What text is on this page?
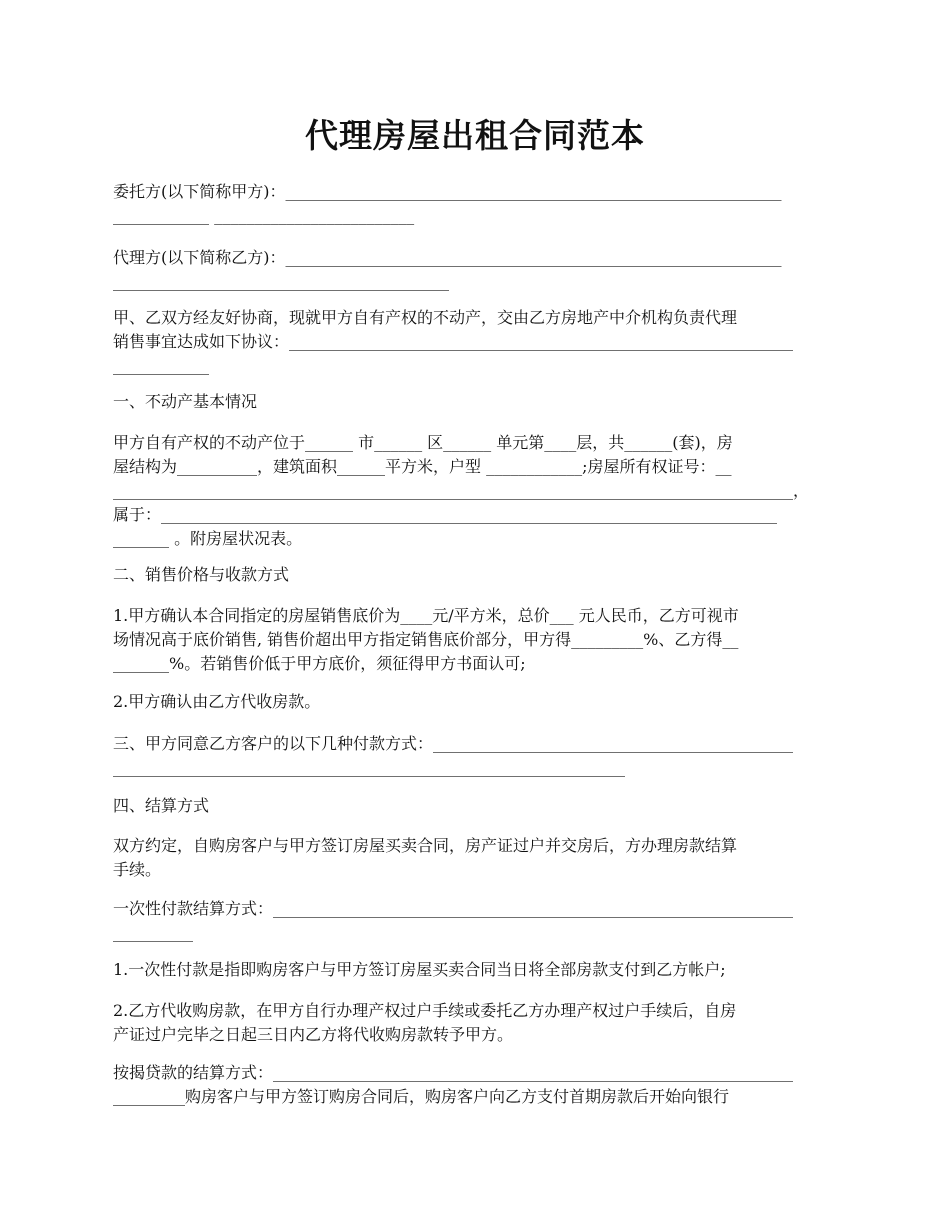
代理房屋出租合同范本
委托方(以下简称甲方)：______________________________________________________________
____________ _________________________
代理方(以下简称乙方)：______________________________________________________________
__________________________________________
甲、乙双方经友好协商，现就甲方自有产权的不动产，交由乙方房地产中介机构负责代理
销售事宜达成如下协议：_______________________________________________________________
____________
一、不动产基本情况
甲方自有产权的不动产位于______ 市______ 区______ 单元第____层，共______(套)，房
屋结构为__________，建筑面积______平方米，户型 ____________;房屋所有权证号：__
_____________________________________________________________________________________，
属于：_____________________________________________________________________________
_______ 。附房屋状况表。
二、销售价格与收款方式
1.甲方确认本合同指定的房屋销售底价为____元/平方米，总价___ 元人民币，乙方可视市
场情况高于底价销售, 销售价超出甲方指定销售底价部分，甲方得_________%、乙方得__
_______%。若销售价低于甲方底价，须征得甲方书面认可;
2.甲方确认由乙方代收房款。
三、甲方同意乙方客户的以下几种付款方式：_____________________________________________
________________________________________________________________
四、结算方式
双方约定，自购房客户与甲方签订房屋买卖合同，房产证过户并交房后，方办理房款结算
手续。
一次性付款结算方式：_________________________________________________________________
__________
1.一次性付款是指即购房客户与甲方签订房屋买卖合同当日将全部房款支付到乙方帐户;
2.乙方代收购房款，在甲方自行办理产权过户手续或委托乙方办理产权过户手续后，自房
产证过户完毕之日起三日内乙方将代收购房款转予甲方。
按揭贷款的结算方式：_________________________________________________________________
_________购房客户与甲方签订购房合同后，购房客户向乙方支付首期房款后开始向银行
